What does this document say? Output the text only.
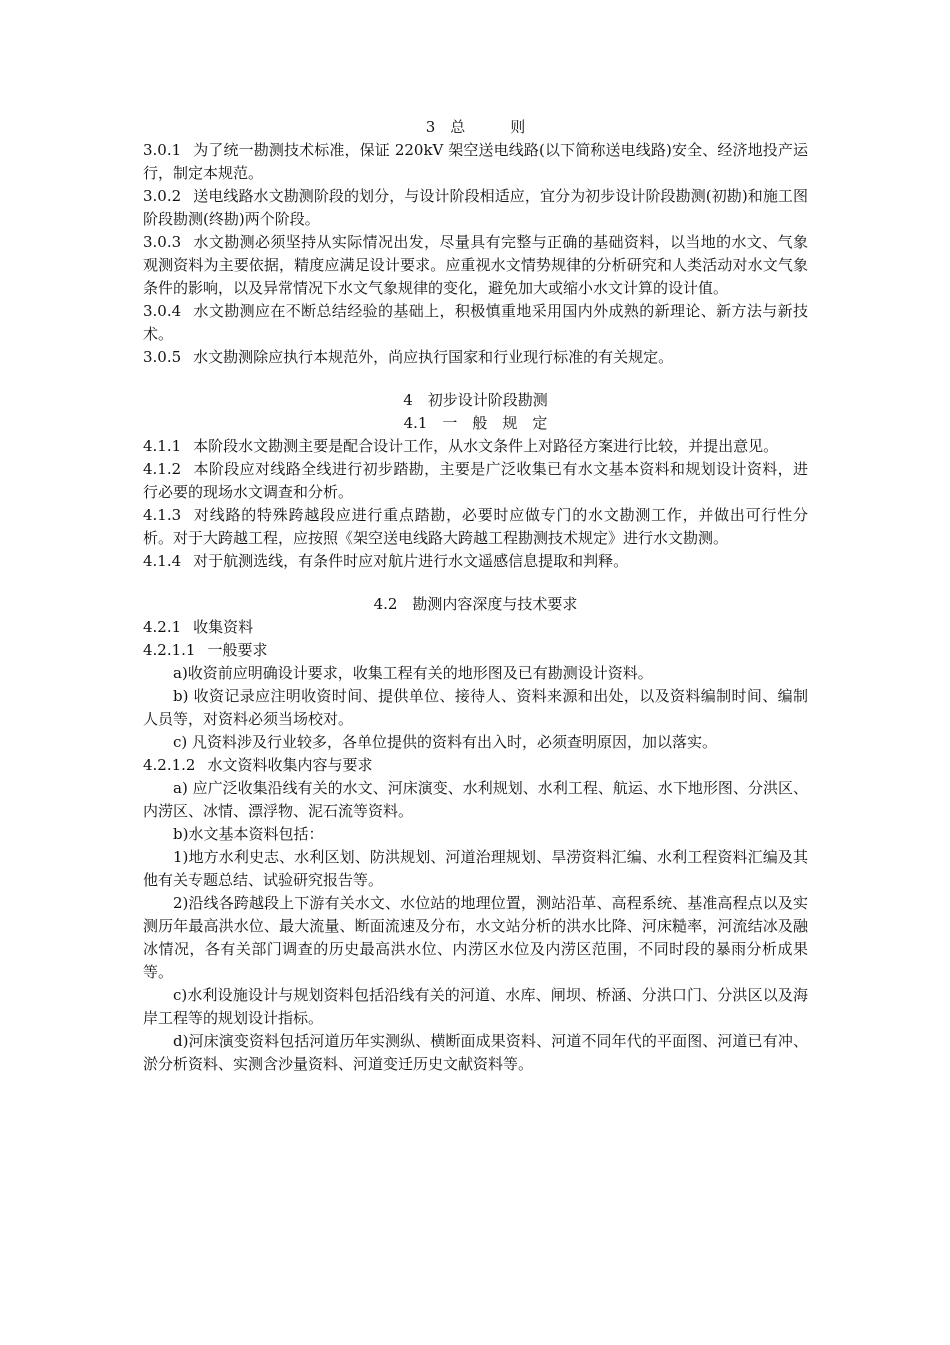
3　总　　　则

3.0.1 为了统一勘测技术标准，保证 220kV 架空送电线路(以下简称送电线路)安全、经济地投产运行，制定本规范。

3.0.2 送电线路水文勘测阶段的划分，与设计阶段相适应，宜分为初步设计阶段勘测(初勘)和施工图阶段勘测(终勘)两个阶段。

3.0.3 水文勘测必须坚持从实际情况出发，尽量具有完整与正确的基础资料，以当地的水文、气象观测资料为主要依据，精度应满足设计要求。应重视水文情势规律的分析研究和人类活动对水文气象条件的影响，以及异常情况下水文气象规律的变化，避免加大或缩小水文计算的设计值。

3.0.4 水文勘测应在不断总结经验的基础上，积极慎重地采用国内外成熟的新理论、新方法与新技术。

3.0.5 水文勘测除应执行本规范外，尚应执行国家和行业现行标准的有关规定。

4　初步设计阶段勘测
4.1　一　般　规　定

4.1.1 本阶段水文勘测主要是配合设计工作，从水文条件上对路径方案进行比较，并提出意见。

4.1.2 本阶段应对线路全线进行初步踏勘，主要是广泛收集已有水文基本资料和规划设计资料，进行必要的现场水文调查和分析。

4.1.3 对线路的特殊跨越段应进行重点踏勘，必要时应做专门的水文勘测工作，并做出可行性分析。对于大跨越工程，应按照《架空送电线路大跨越工程勘测技术规定》进行水文勘测。

4.1.4 对于航测选线，有条件时应对航片进行水文遥感信息提取和判释。

4.2　勘测内容深度与技术要求

4.2.1 收集资料

4.2.1.1 一般要求

a)收资前应明确设计要求，收集工程有关的地形图及已有勘测设计资料。

b) 收资记录应注明收资时间、提供单位、接待人、资料来源和出处，以及资料编制时间、编制人员等，对资料必须当场校对。

c) 凡资料涉及行业较多，各单位提供的资料有出入时，必须查明原因，加以落实。

4.2.1.2 水文资料收集内容与要求

a) 应广泛收集沿线有关的水文、河床演变、水利规划、水利工程、航运、水下地形图、分洪区、内涝区、冰情、漂浮物、泥石流等资料。

b)水文基本资料包括：

1)地方水利史志、水利区划、防洪规划、河道治理规划、旱涝资料汇编、水利工程资料汇编及其他有关专题总结、试验研究报告等。

2)沿线各跨越段上下游有关水文、水位站的地理位置，测站沿革、高程系统、基准高程点以及实测历年最高洪水位、最大流量、断面流速及分布，水文站分析的洪水比降、河床糙率，河流结冰及融冰情况，各有关部门调查的历史最高洪水位、内涝区水位及内涝区范围，不同时段的暴雨分析成果等。

c)水利设施设计与规划资料包括沿线有关的河道、水库、闸坝、桥涵、分洪口门、分洪区以及海岸工程等的规划设计指标。

d)河床演变资料包括河道历年实测纵、横断面成果资料、河道不同年代的平面图、河道已有冲、淤分析资料、实测含沙量资料、河道变迁历史文献资料等。
